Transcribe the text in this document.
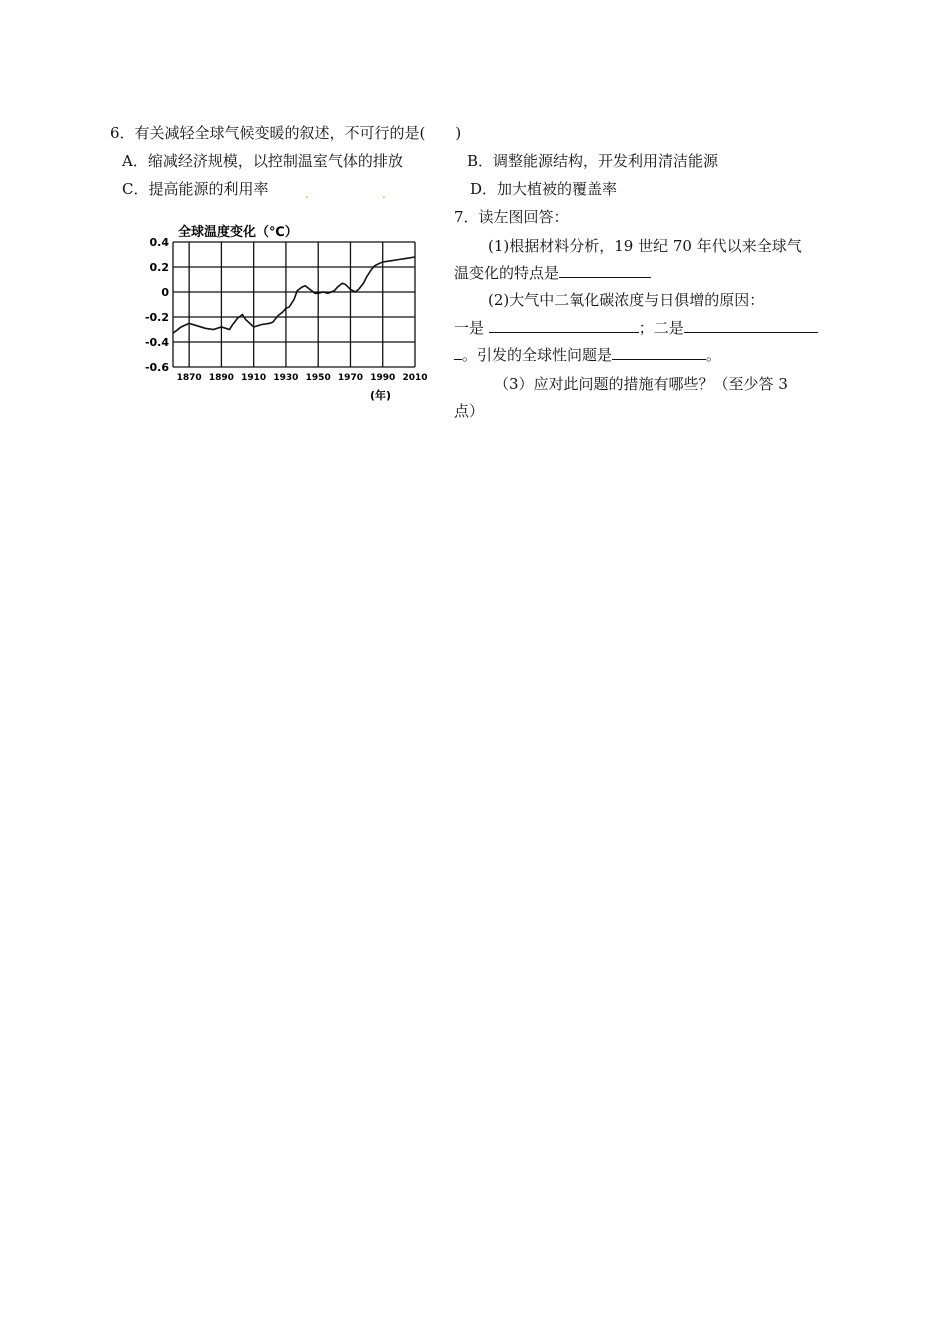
6．有关减轻全球气候变暖的叙述，不可行的是(　　)
A．缩减经济规模，以控制温室气体的排放	B．调整能源结构，开发利用清洁能源
C．提高能源的利用率	.	.	D．加大植被的覆盖率
7．读左图回答：
(1)根据材料分析，19 世纪 70 年代以来全球气
温变化的特点是
(2)大气中二氧化碳浓度与日俱增的原因：
一是	；二是
。引发的全球性问题是	。
（3）应对此问题的措施有哪些？（至少答 3
点）
全球温度变化（℃）
0.4
0.2
0
-0.2
-0.4
-0.6
1870 1890 1910 1930 1950 1970 1990 2010
(年)
